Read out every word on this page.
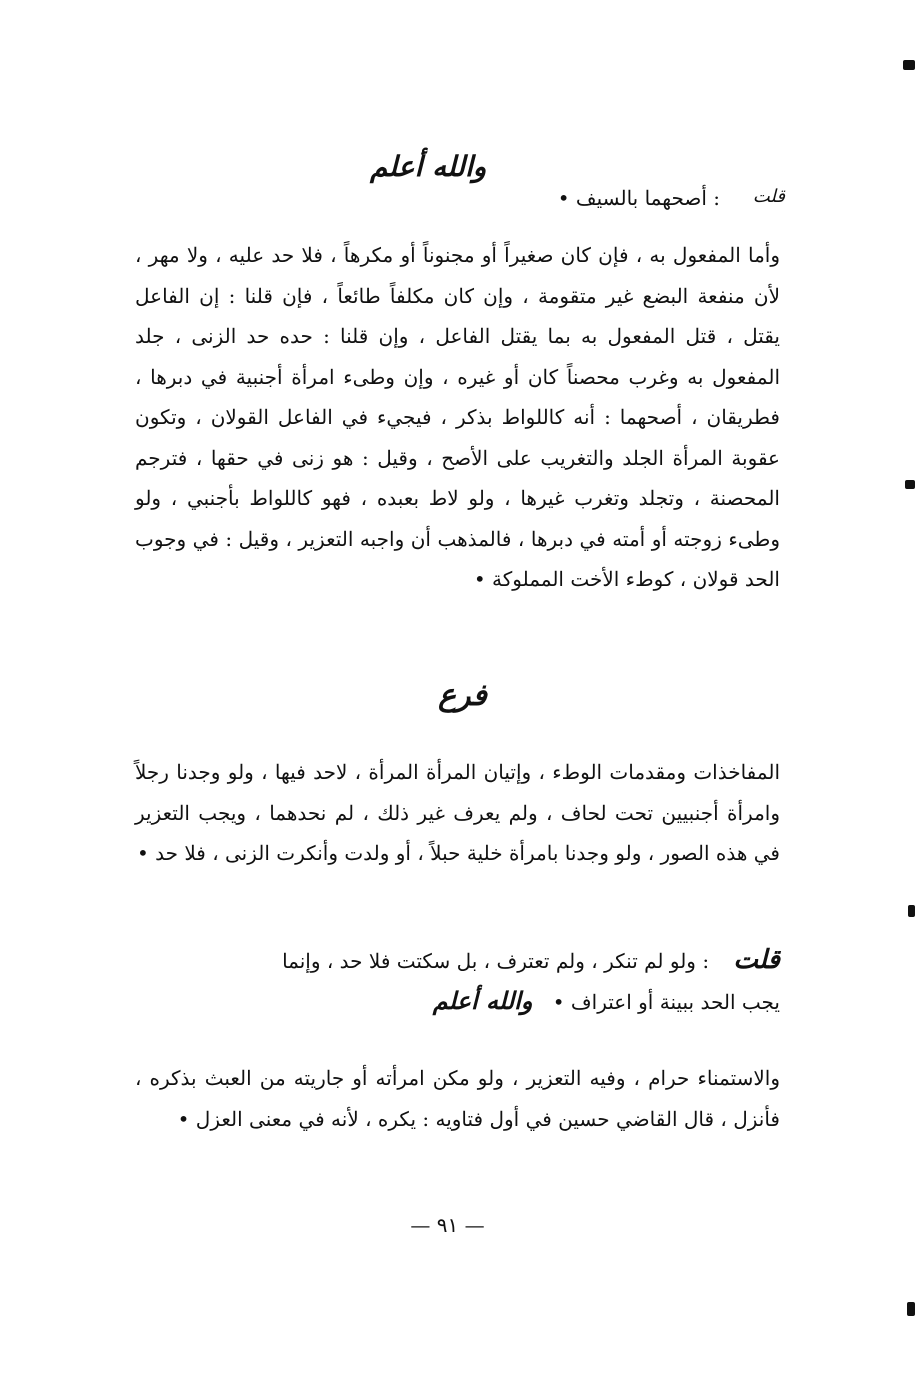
والله أعلم
قلت
: أصحهما بالسيف •
وأما المفعول به ، فإن كان صغيراً أو مجنوناً أو مكرهاً ، فلا حد عليه ، ولا مهر ، لأن منفعة البضع غير متقومة ، وإن كان مكلفاً طائعاً ، فإن قلنا : إن الفاعل يقتل ، قتل المفعول به بما يقتل الفاعل ، وإن قلنا : حده حد الزنى ، جلد المفعول به وغرب محصناً كان أو غيره ، وإن وطىء امرأة أجنبية في دبرها ، فطريقان ، أصحهما : أنه كاللواط بذكر ، فيجيء في الفاعل القولان ، وتكون عقوبة المرأة الجلد والتغريب على الأصح ، وقيل : هو زنى في حقها ، فترجم المحصنة ، وتجلد وتغرب غيرها ، ولو لاط بعبده ، فهو كاللواط بأجنبي ، ولو وطىء زوجته أو أمته في دبرها ، فالمذهب أن واجبه التعزير ، وقيل : في وجوب الحد قولان ، كوطء الأخت المملوكة •
فرع
المفاخذات ومقدمات الوطء ، وإتيان المرأة المرأة ، لاحد فيها ، ولو وجدنا رجلاً وامرأة أجنبيين تحت لحاف ، ولم يعرف غير ذلك ، لم نحدهما ، ويجب التعزير في هذه الصور ، ولو وجدنا بامرأة خلية حبلاً ، أو ولدت وأنكرت الزنى ، فلا حد •
قلت : ولو لم تنكر ، ولم تعترف ، بل سكتت فلا حد ، وإنما
يجب الحد ببينة أو اعتراف • والله أعلم
والاستمناء حرام ، وفيه التعزير ، ولو مكن امرأته أو جاريته من العبث بذكره ، فأنزل ، قال القاضي حسين في أول فتاويه : يكره ، لأنه في معنى العزل •
— ٩١ —
